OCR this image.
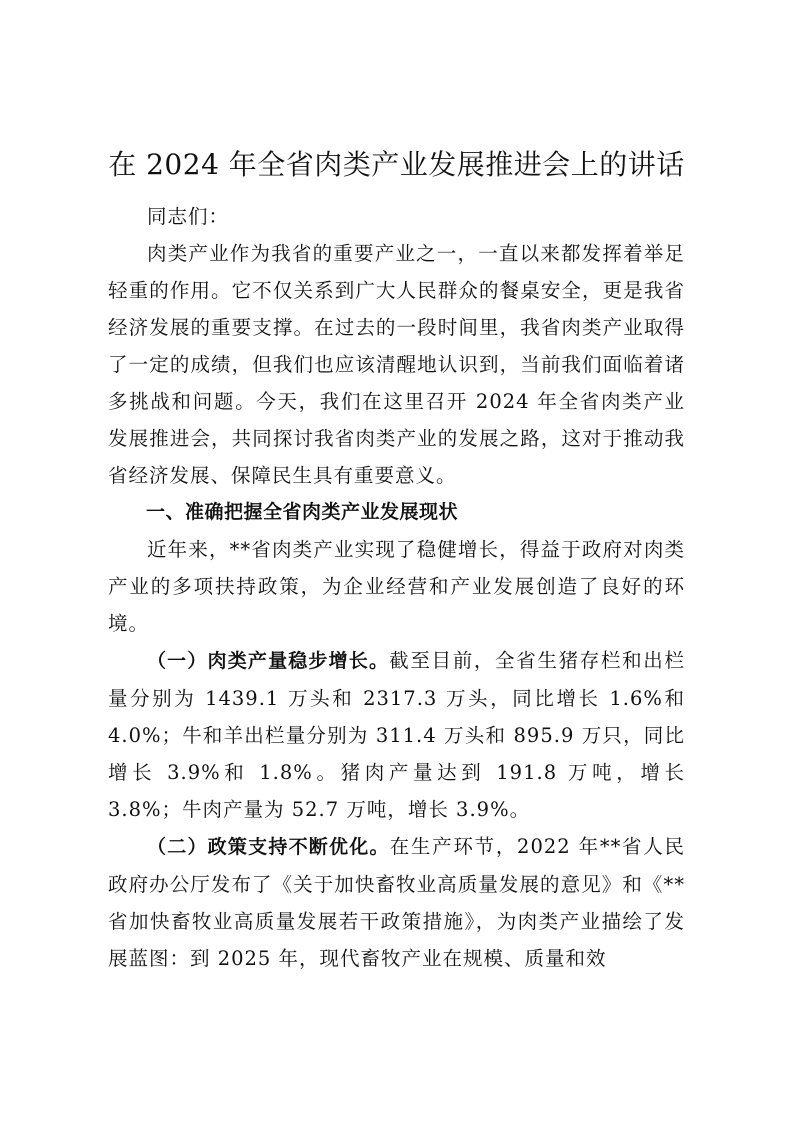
在 2024 年全省肉类产业发展推进会上的讲话

同志们：

肉类产业作为我省的重要产业之一，一直以来都发挥着举足轻重的作用。它不仅关系到广大人民群众的餐桌安全，更是我省经济发展的重要支撑。在过去的一段时间里，我省肉类产业取得了一定的成绩，但我们也应该清醒地认识到，当前我们面临着诸多挑战和问题。今天，我们在这里召开 2024 年全省肉类产业发展推进会，共同探讨我省肉类产业的发展之路，这对于推动我省经济发展、保障民生具有重要意义。

一、准确把握全省肉类产业发展现状

近年来，**省肉类产业实现了稳健增长，得益于政府对肉类产业的多项扶持政策，为企业经营和产业发展创造了良好的环境。

（一）肉类产量稳步增长。截至目前，全省生猪存栏和出栏量分别为 1439.1 万头和 2317.3 万头，同比增长 1.6%和 4.0%；牛和羊出栏量分别为 311.4 万头和 895.9 万只，同比增长 3.9%和 1.8%。猪肉产量达到 191.8 万吨，增长 3.8%；牛肉产量为 52.7 万吨，增长 3.9%。

（二）政策支持不断优化。在生产环节，2022 年**省人民政府办公厅发布了《关于加快畜牧业高质量发展的意见》和《**省加快畜牧业高质量发展若干政策措施》，为肉类产业描绘了发展蓝图：到 2025 年，现代畜牧产业在规模、质量和效
